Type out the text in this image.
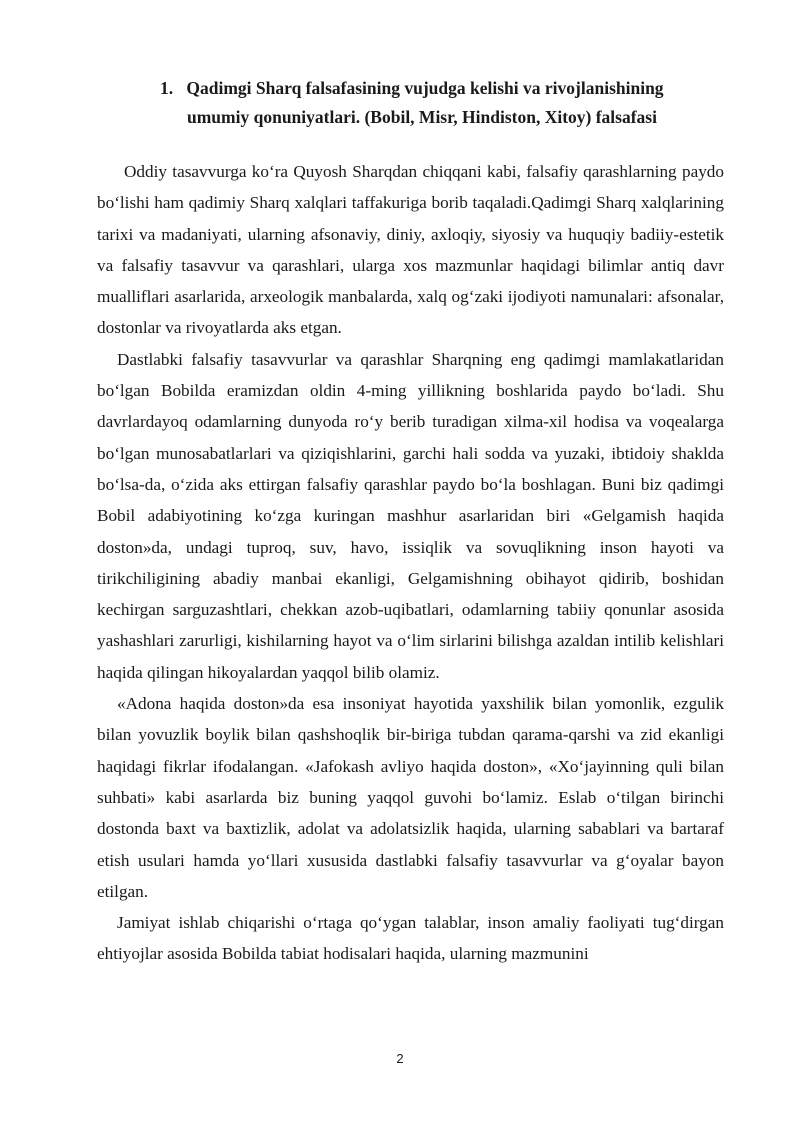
1. Qadimgi Sharq falsafasining vujudga kelishi va rivojlanishining
umumiy qonuniyatlari. (Bobil, Misr, Hindiston, Xitoy) falsafasi

Oddiy tasavvurga koʻra Quyosh Sharqdan chiqqani kabi, falsafiy qarashlarning paydo boʻlishi ham qadimiy Sharq xalqlari taffakuriga borib taqaladi.Qadimgi Sharq xalqlarining tarixi va madaniyati, ularning afsonaviy, diniy, axloqiy, siyosiy va huquqiy badiiy-estetik va falsafiy tasavvur va qarashlari, ularga xos mazmunlar haqidagi bilimlar antiq davr mualliflari asarlarida, arxeologik manbalarda, xalq ogʻzaki ijodiyoti namunalari: afsonalar, dostonlar va rivoyatlarda aks etgan.

Dastlabki falsafiy tasavvurlar va qarashlar Sharqning eng qadimgi mamlakatlaridan boʻlgan Bobilda eramizdan oldin 4-ming yillikning boshlarida paydo boʻladi. Shu davrlardayoq odamlarning dunyoda roʻy berib turadigan xilma-xil hodisa va voqealarga boʻlgan munosabatlarlari va qiziqishlarini, garchi hali sodda va yuzaki, ibtidoiy shaklda boʻlsa-da, oʻzida aks ettirgan falsafiy qarashlar paydo boʻla boshlagan. Buni biz qadimgi Bobil adabiyotining koʻzga kuringan mashhur asarlaridan biri «Gelgamish haqida doston»da, undagi tuproq, suv, havo, issiqlik va sovuqlikning inson hayoti va tirikchiligining abadiy manbai ekanligi, Gelgamishning obihayot qidirib, boshidan kechirgan sarguzashtlari, chekkan azob-uqibatlari, odamlarning tabiiy qonunlar asosida yashashlari zarurligi, kishilarning hayot va oʻlim sirlarini bilishga azaldan intilib kelishlari haqida qilingan hikoyalardan yaqqol bilib olamiz.

«Adona haqida doston»da esa insoniyat hayotida yaxshilik bilan yomonlik, ezgulik bilan yovuzlik boylik bilan qashshoqlik bir-biriga tubdan qarama-qarshi va zid ekanligi haqidagi fikrlar ifodalangan. «Jafokash avliyo haqida doston», «Xoʻjayinning quli bilan suhbati» kabi asarlarda biz buning yaqqol guvohi boʻlamiz. Eslab oʻtilgan birinchi dostonda baxt va baxtizlik, adolat va adolatsizlik haqida, ularning sabablari va bartaraf etish usulari hamda yoʻllari xususida dastlabki falsafiy tasavvurlar va gʻoyalar bayon etilgan.

Jamiyat ishlab chiqarishi oʻrtaga qoʻygan talablar, inson amaliy faoliyati tugʻdirgan ehtiyojlar asosida Bobilda tabiat hodisalari haqida, ularning mazmunini

2
